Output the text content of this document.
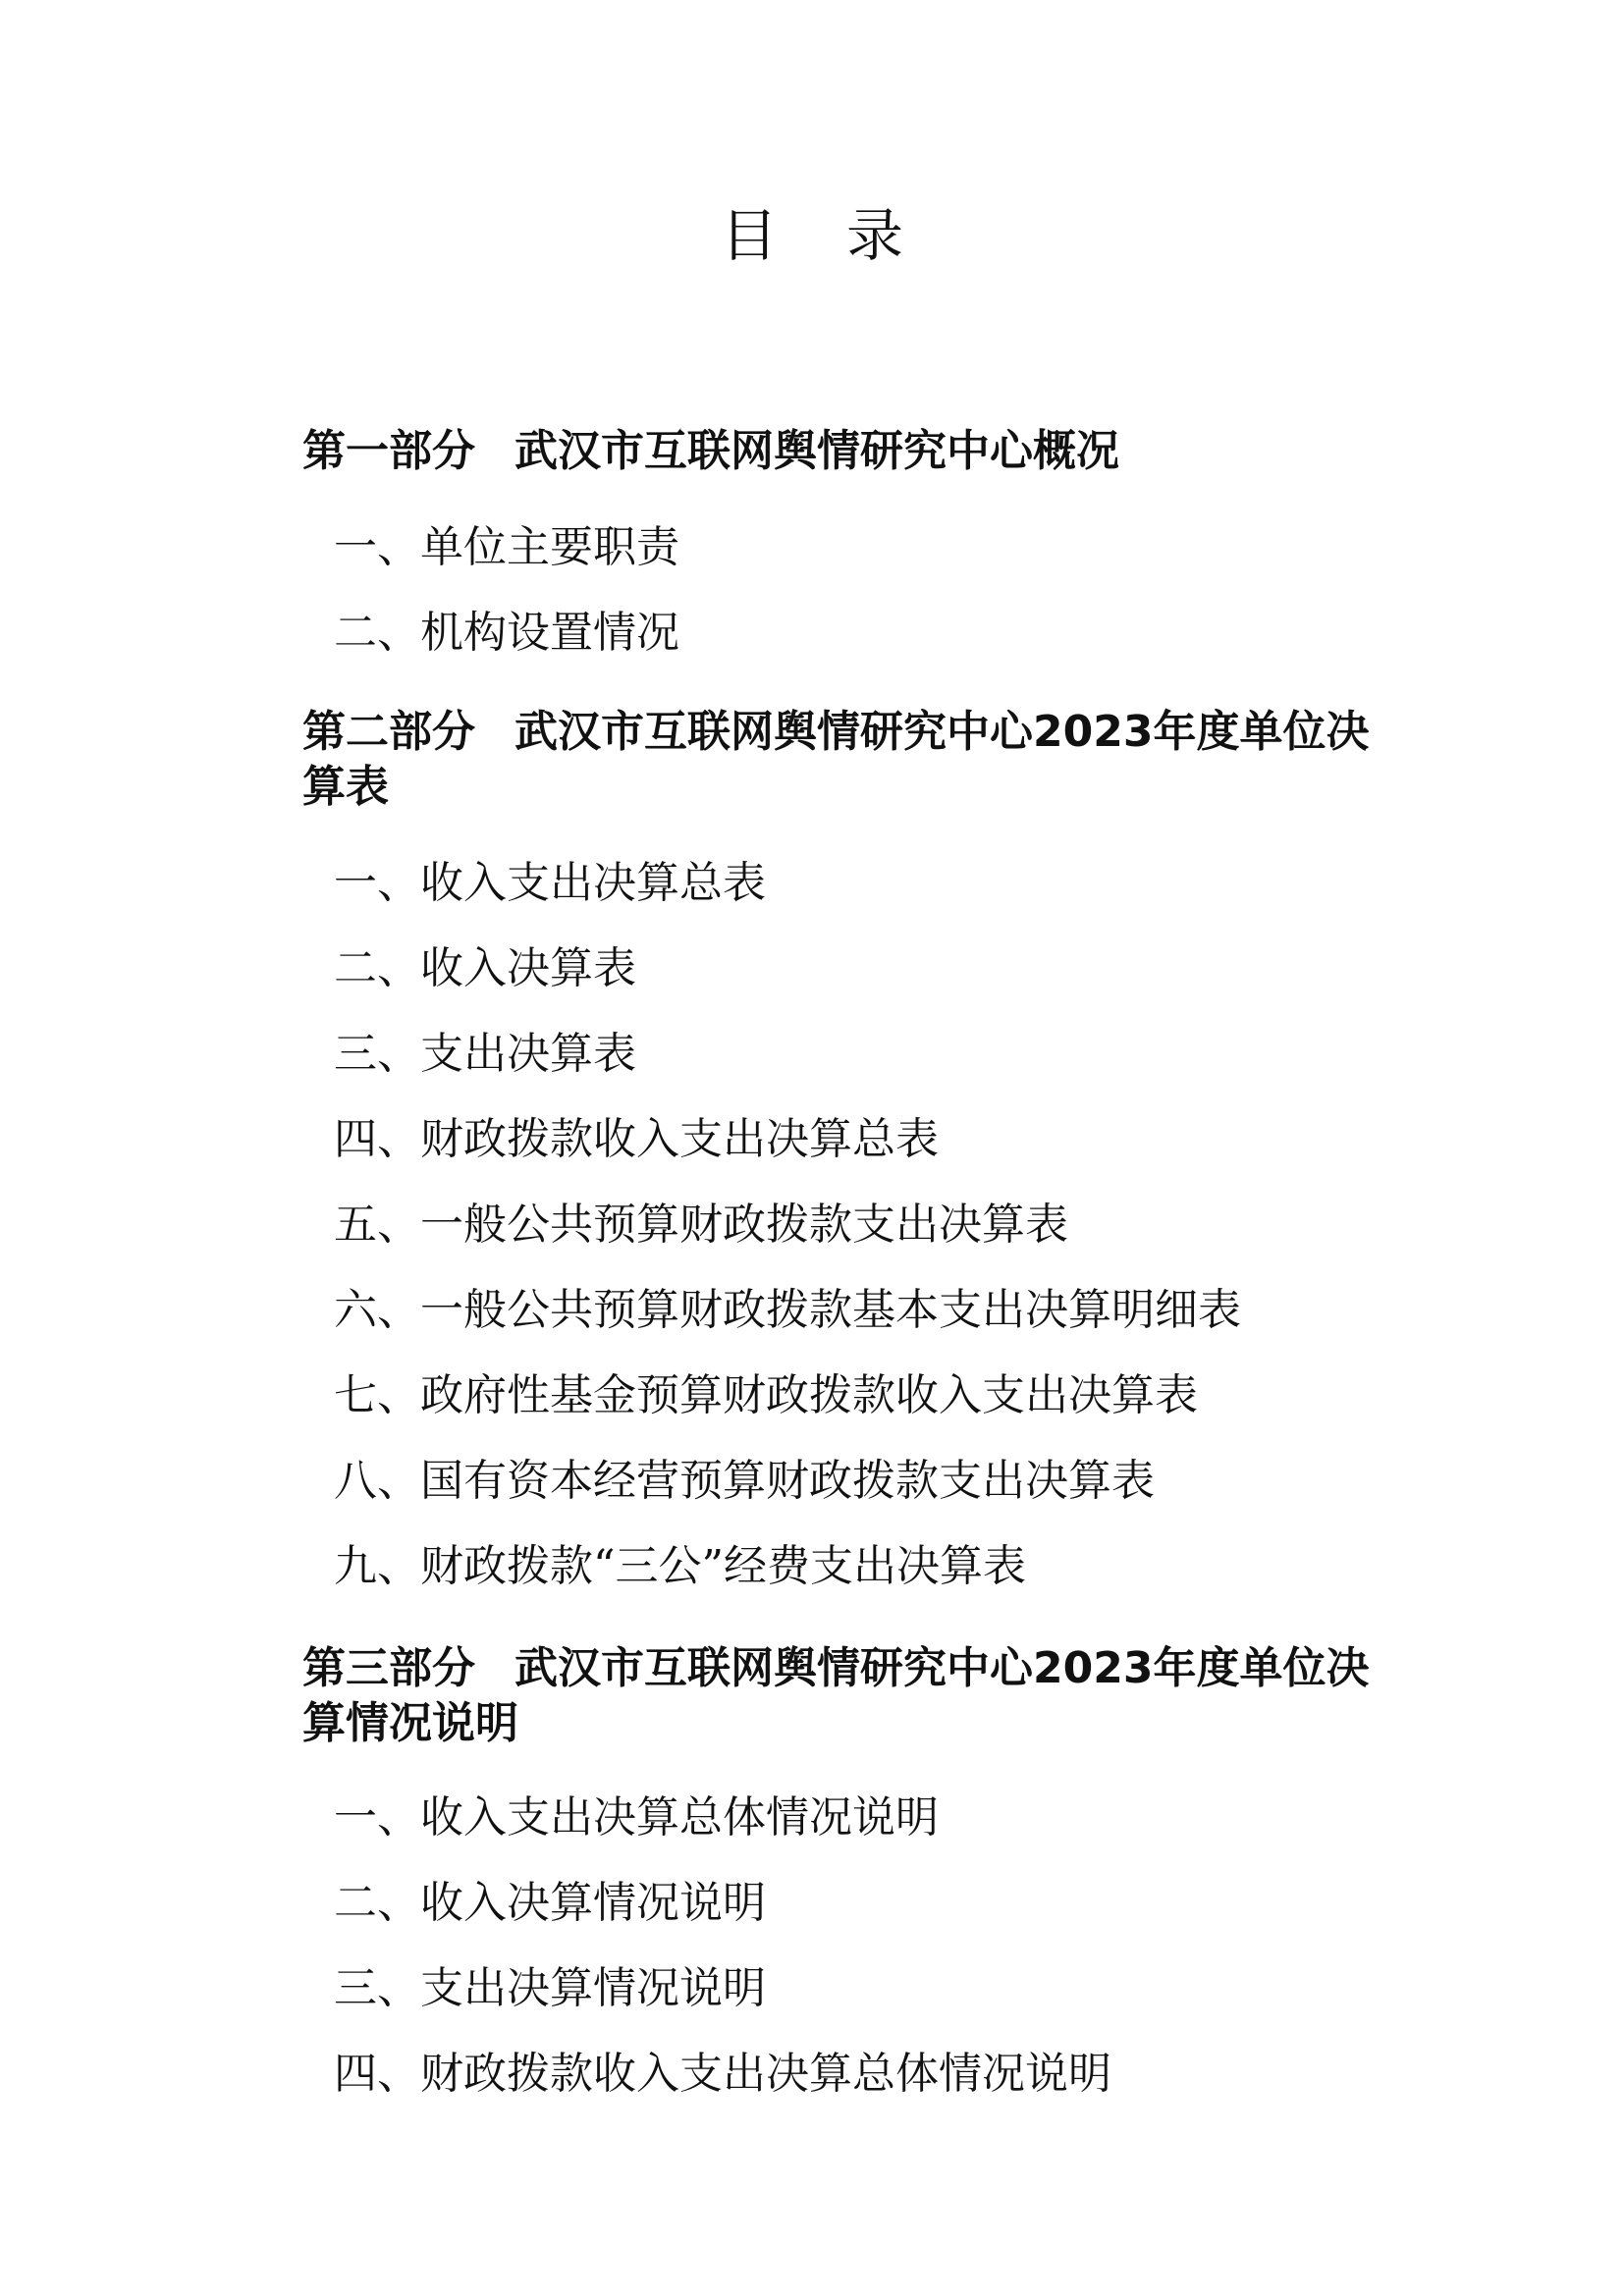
目录
第一部分 武汉市互联网舆情研究中心概况
一、单位主要职责
二、机构设置情况
第二部分 武汉市互联网舆情研究中心2023年度单位决算表
一、收入支出决算总表
二、收入决算表
三、支出决算表
四、财政拨款收入支出决算总表
五、一般公共预算财政拨款支出决算表
六、一般公共预算财政拨款基本支出决算明细表
七、政府性基金预算财政拨款收入支出决算表
八、国有资本经营预算财政拨款支出决算表
九、财政拨款“三公”经费支出决算表
第三部分 武汉市互联网舆情研究中心2023年度单位决算情况说明
一、收入支出决算总体情况说明
二、收入决算情况说明
三、支出决算情况说明
四、财政拨款收入支出决算总体情况说明
